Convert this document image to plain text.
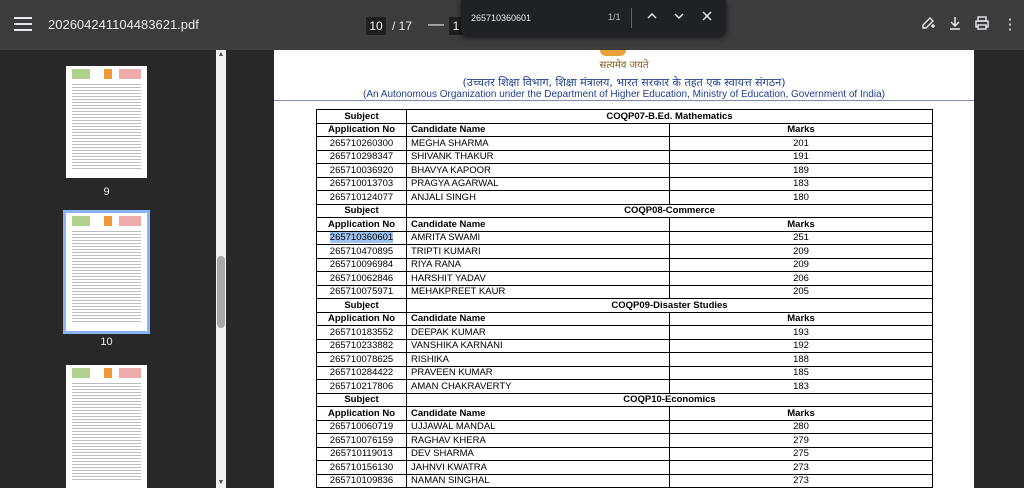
20260424110448362​1.pdf	10 / 17 — 1	⋮
265710360601
1/1
9
10
▲
▼
सत्यमेव जयते
(उच्चतर शिक्षा विभाग, शिक्षा मंत्रालय, भारत सरकार के तहत एक स्वायत्त संगठन)
(An Autonomous Organization under the Department of Higher Education, Ministry of Education, Government of India)
Subject	COQP07-B.Ed. Mathematics	
Application No	Candidate Name	Marks
265710260300	MEGHA SHARMA	201
265710298347	SHIVANK THAKUR	191
265710036920	BHAVYA KAPOOR	189
265710013703	PRAGYA AGARWAL	183
265710124077	ANJALI SINGH	180
Subject	COQP08-Commerce	
Application No	Candidate Name	Marks
265710360601	AMRITA SWAMI	251
265710470895	TRIPTI KUMARI	209
265710096984	RIYA RANA	209
265710062846	HARSHIT YADAV	206
265710075971	MEHAKPREET KAUR	205
Subject	COQP09-Disaster Studies	
Application No	Candidate Name	Marks
265710183552	DEEPAK KUMAR	193
265710233882	VANSHIKA KARNANI	192
265710078625	RISHIKA	188
265710284422	PRAVEEN KUMAR	185
265710217806	AMAN CHAKRAVERTY	183
Subject	COQP10-Economics	
Application No	Candidate Name	Marks
265710060719	UJJAWAL MANDAL	280
265710076159	RAGHAV KHERA	279
265710119013	DEV SHARMA	275
265710156130	JAHNVI KWATRA	273
265710109836	NAMAN SINGHAL	273
